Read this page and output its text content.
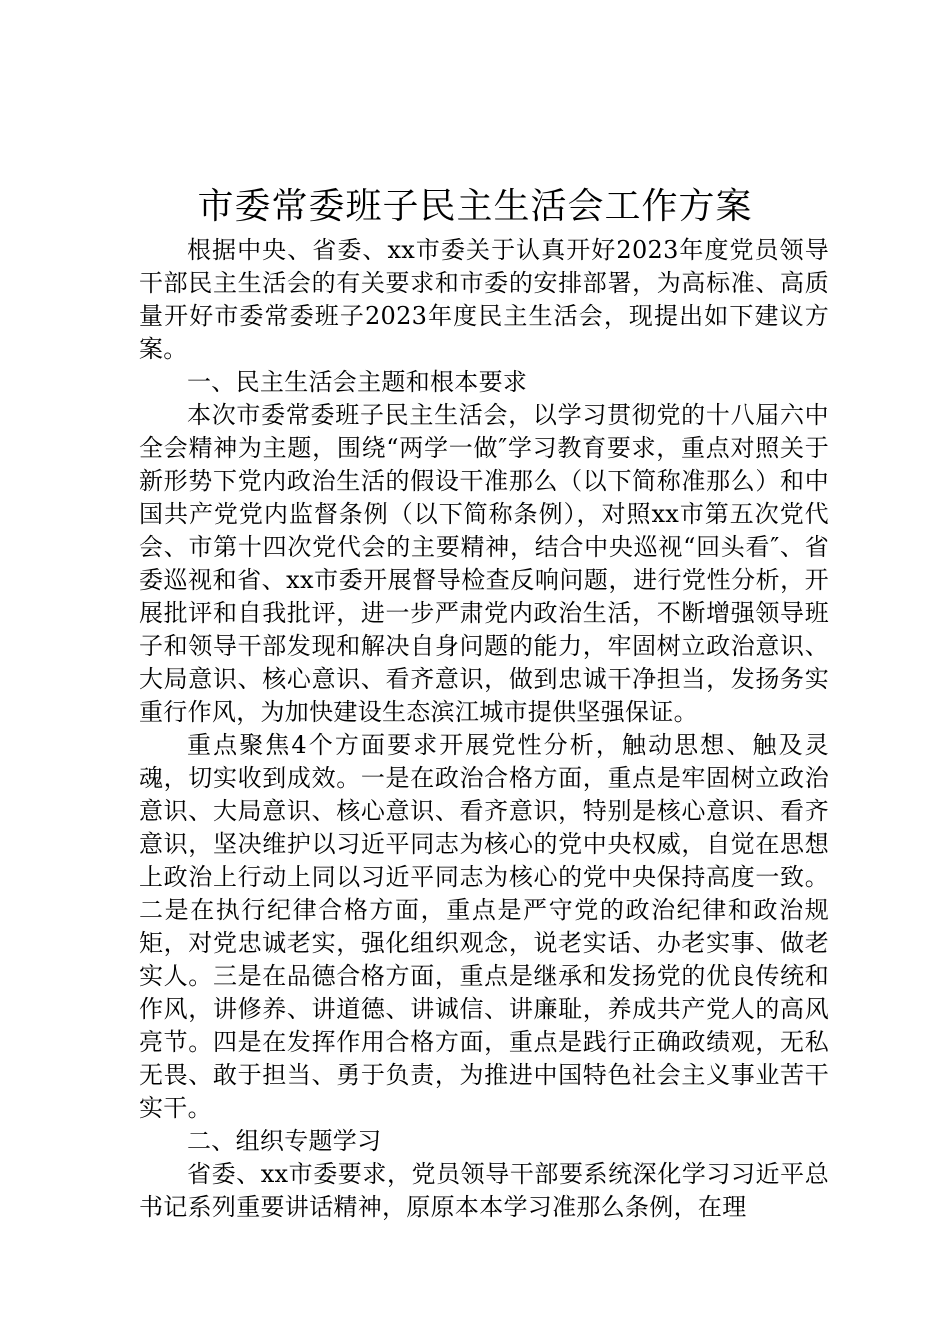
市委常委班子民主生活会工作方案

根据中央、省委、xx市委关于认真开好2023年度党员领导干部民主生活会的有关要求和市委的安排部署，为高标准、高质量开好市委常委班子2023年度民主生活会，现提出如下建议方案。

一、民主生活会主题和根本要求

本次市委常委班子民主生活会，以学习贯彻党的十八届六中全会精神为主题，围绕“两学一做″学习教育要求，重点对照关于新形势下党内政治生活的假设干准那么（以下简称准那么）和中国共产党党内监督条例（以下简称条例），对照xx市第五次党代会、市第十四次党代会的主要精神，结合中央巡视“回头看″、省委巡视和省、xx市委开展督导检查反响问题，进行党性分析，开展批评和自我批评，进一步严肃党内政治生活，不断增强领导班子和领导干部发现和解决自身问题的能力，牢固树立政治意识、大局意识、核心意识、看齐意识，做到忠诚干净担当，发扬务实重行作风，为加快建设生态滨江城市提供坚强保证。

重点聚焦4个方面要求开展党性分析，触动思想、触及灵魂，切实收到成效。一是在政治合格方面，重点是牢固树立政治意识、大局意识、核心意识、看齐意识，特别是核心意识、看齐意识，坚决维护以习近平同志为核心的党中央权威，自觉在思想上政治上行动上同以习近平同志为核心的党中央保持高度一致。二是在执行纪律合格方面，重点是严守党的政治纪律和政治规矩，对党忠诚老实，强化组织观念，说老实话、办老实事、做老实人。三是在品德合格方面，重点是继承和发扬党的优良传统和作风，讲修养、讲道德、讲诚信、讲廉耻，养成共产党人的高风亮节。四是在发挥作用合格方面，重点是践行正确政绩观，无私无畏、敢于担当、勇于负责，为推进中国特色社会主义事业苦干实干。

二、组织专题学习

省委、xx市委要求，党员领导干部要系统深化学习习近平总书记系列重要讲话精神，原原本本学习准那么条例，在理
